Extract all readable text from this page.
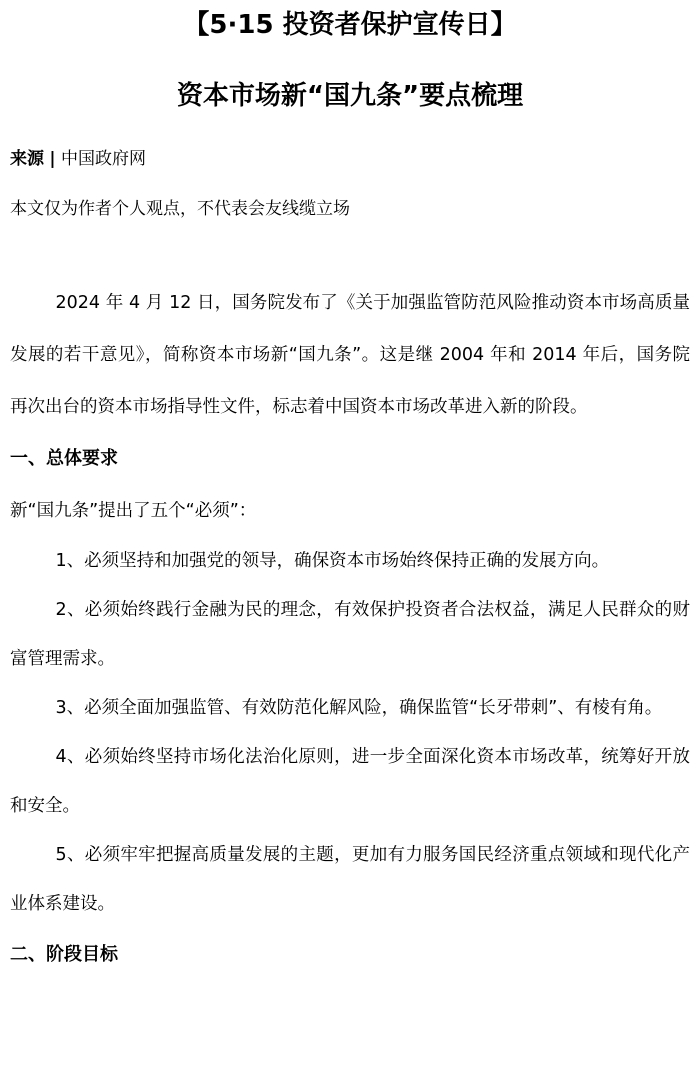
【5·15 投资者保护宣传日】
资本市场新“国九条”要点梳理

来源 | 中国政府网

本文仅为作者个人观点，不代表会友线缆立场

2024 年 4 月 12 日，国务院发布了《关于加强监管防范风险推动资本市场高质量发展的若干意见》，简称资本市场新“国九条”。这是继 2004 年和 2014 年后，国务院再次出台的资本市场指导性文件，标志着中国资本市场改革进入新的阶段。

一、总体要求

新“国九条”提出了五个“必须”：

1、必须坚持和加强党的领导，确保资本市场始终保持正确的发展方向。

2、必须始终践行金融为民的理念，有效保护投资者合法权益，满足人民群众的财富管理需求。

3、必须全面加强监管、有效防范化解风险，确保监管“长牙带刺”、有棱有角。

4、必须始终坚持市场化法治化原则，进一步全面深化资本市场改革，统筹好开放和安全。

5、必须牢牢把握高质量发展的主题，更加有力服务国民经济重点领域和现代化产业体系建设。

二、阶段目标
